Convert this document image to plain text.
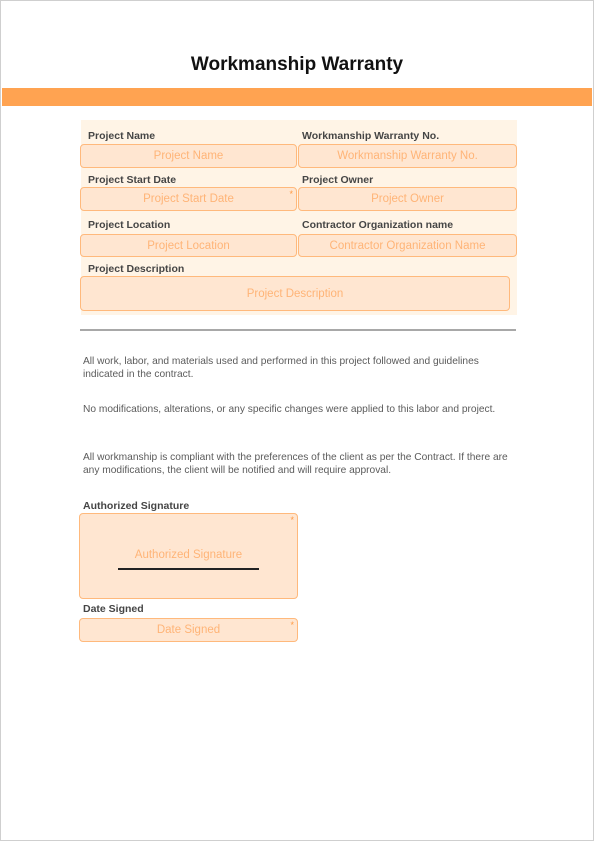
Workmanship Warranty
Project Name
Project Name
Workmanship Warranty No.
Workmanship Warranty No.
Project Start Date
Project Start Date	*
Project Owner
Project Owner
Project Location
Project Location
Contractor Organization name
Contractor Organization Name
Project Description
Project Description
All work, labor, and materials used and performed in this project followed and guidelines indicated in the contract.
No modifications, alterations, or any specific changes were applied to this labor and project.
All workmanship is compliant with the preferences of the client as per the Contract. If there are any modifications, the client will be notified and will require approval.
Authorized Signature
Authorized Signature
*
Date Signed
Date Signed	*
